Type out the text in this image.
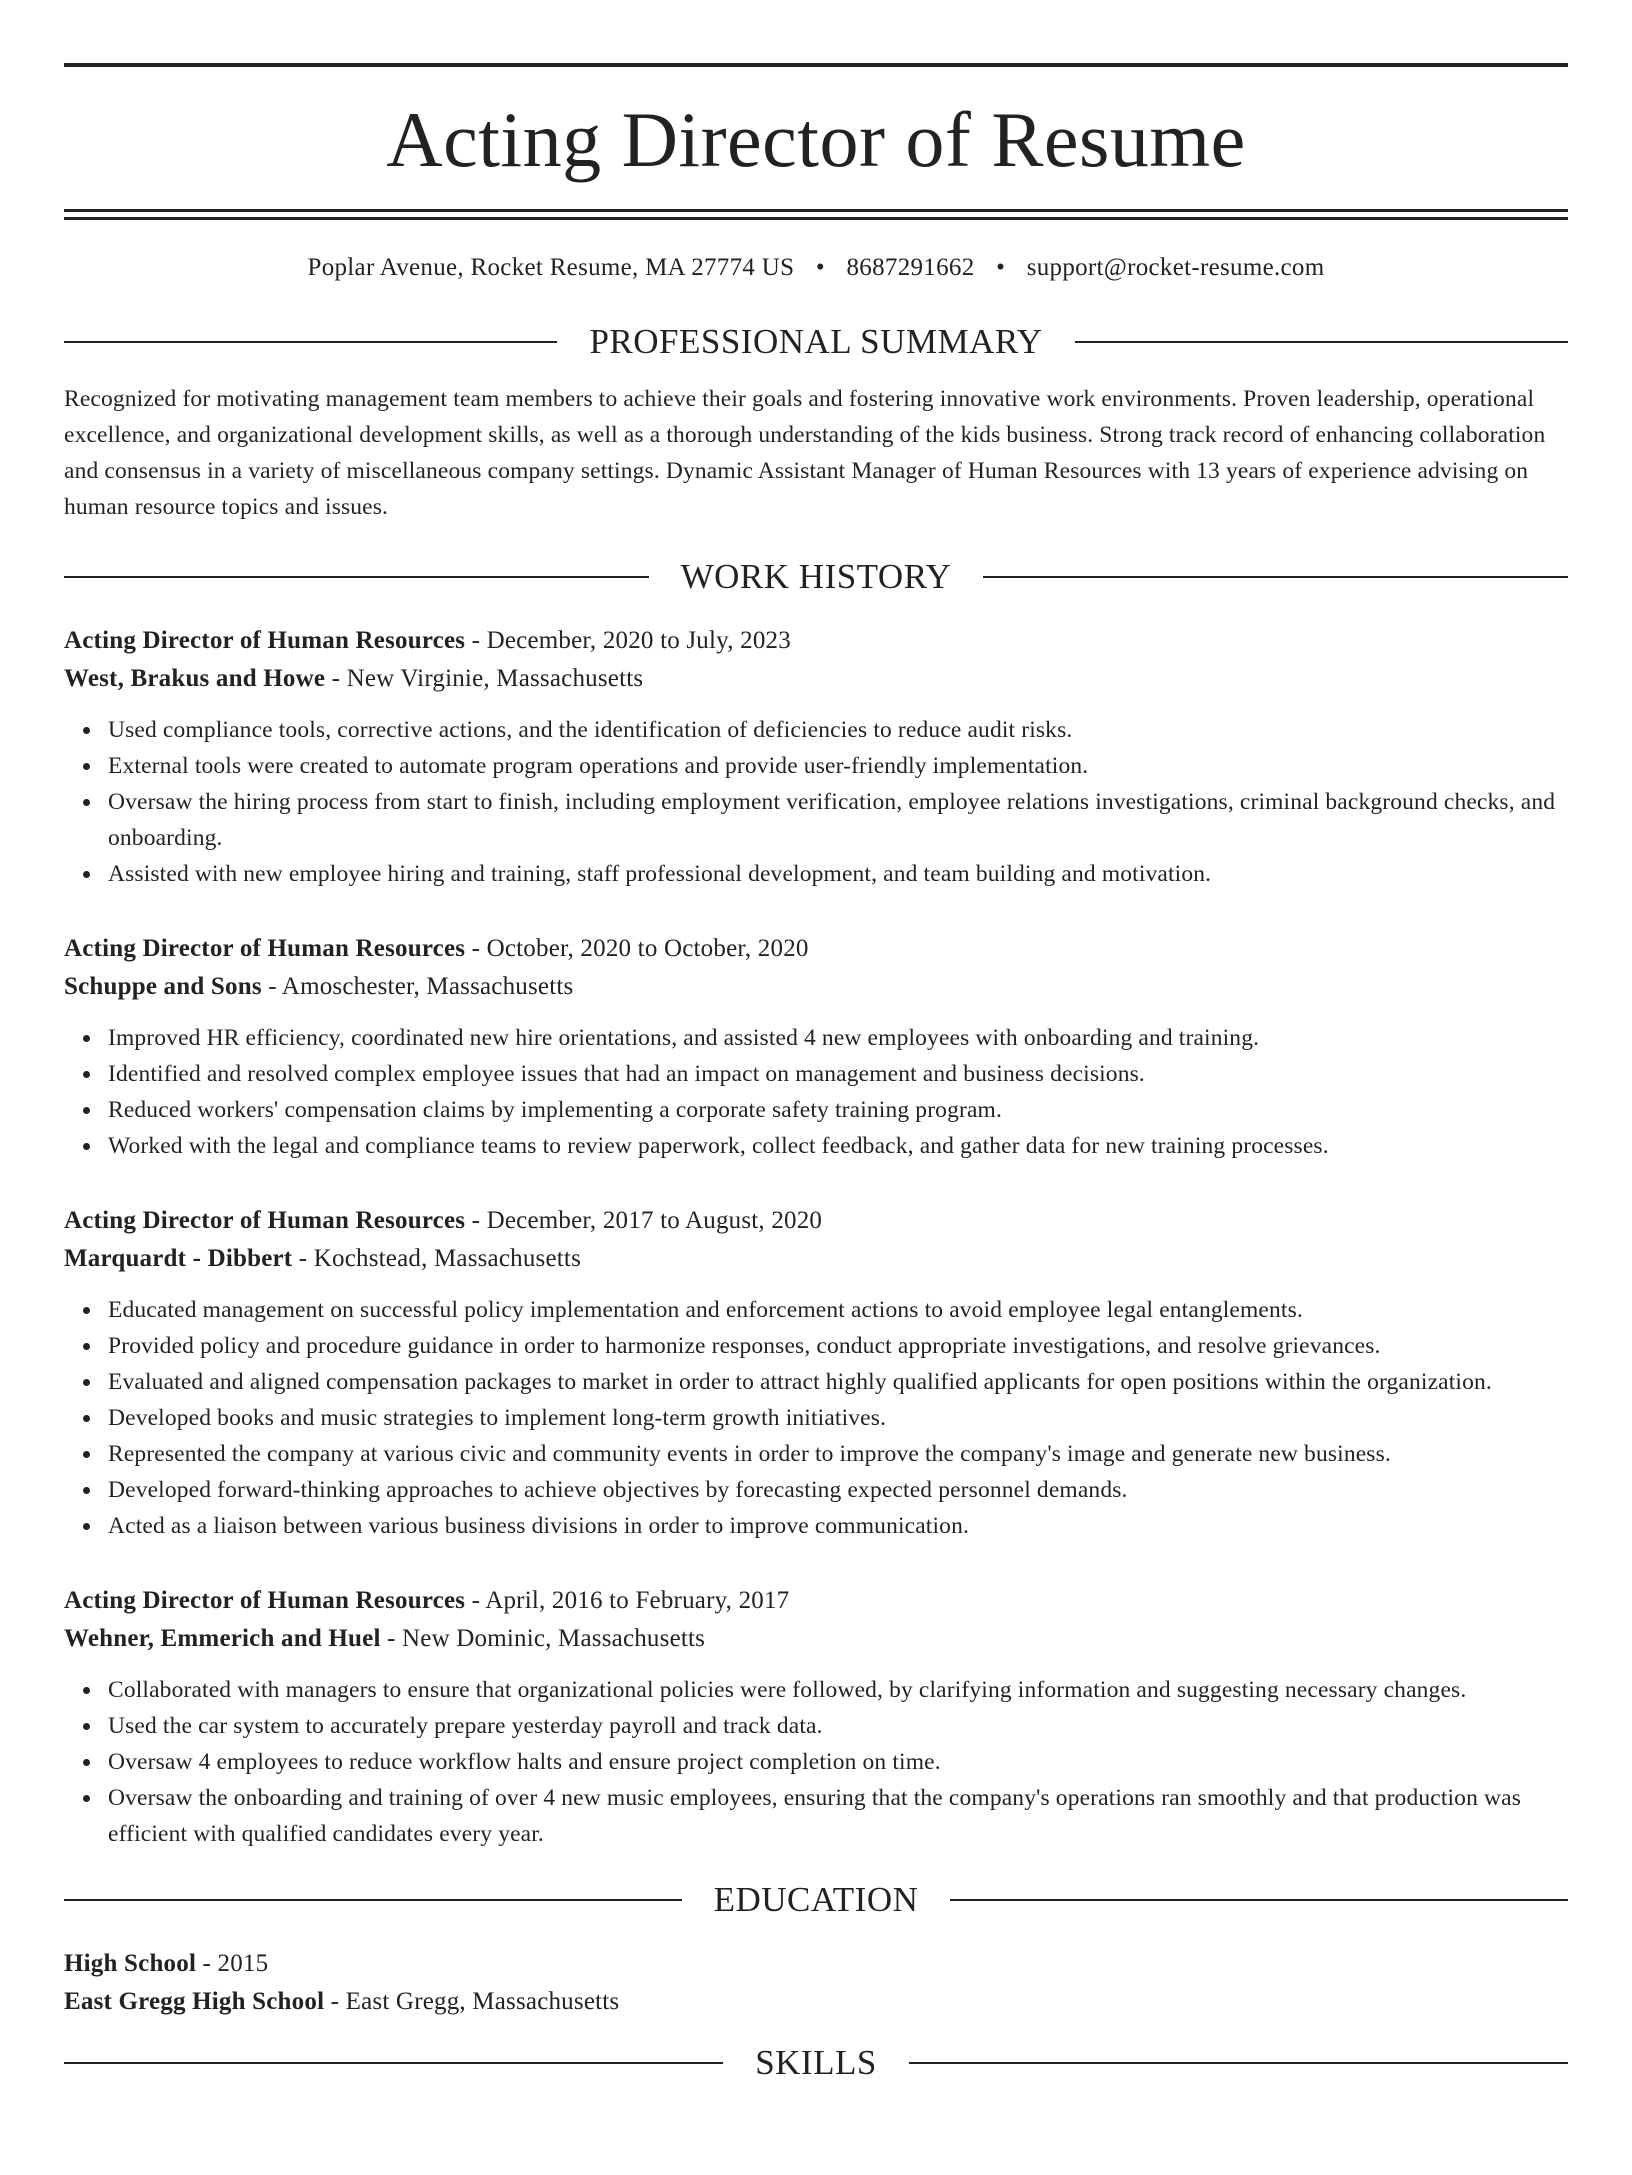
Acting Director of Resume
Poplar Avenue, Rocket Resume, MA 27774 US • 8687291662 • support@rocket-resume.com
PROFESSIONAL SUMMARY
Recognized for motivating management team members to achieve their goals and fostering innovative work environments. Proven leadership, operational excellence, and organizational development skills, as well as a thorough understanding of the kids business. Strong track record of enhancing collaboration and consensus in a variety of miscellaneous company settings. Dynamic Assistant Manager of Human Resources with 13 years of experience advising on human resource topics and issues.
WORK HISTORY
Acting Director of Human Resources - December, 2020 to July, 2023
West, Brakus and Howe - New Virginie, Massachusetts
Used compliance tools, corrective actions, and the identification of deficiencies to reduce audit risks.
External tools were created to automate program operations and provide user-friendly implementation.
Oversaw the hiring process from start to finish, including employment verification, employee relations investigations, criminal background checks, and onboarding.
Assisted with new employee hiring and training, staff professional development, and team building and motivation.
Acting Director of Human Resources - October, 2020 to October, 2020
Schuppe and Sons - Amoschester, Massachusetts
Improved HR efficiency, coordinated new hire orientations, and assisted 4 new employees with onboarding and training.
Identified and resolved complex employee issues that had an impact on management and business decisions.
Reduced workers' compensation claims by implementing a corporate safety training program.
Worked with the legal and compliance teams to review paperwork, collect feedback, and gather data for new training processes.
Acting Director of Human Resources - December, 2017 to August, 2020
Marquardt - Dibbert - Kochstead, Massachusetts
Educated management on successful policy implementation and enforcement actions to avoid employee legal entanglements.
Provided policy and procedure guidance in order to harmonize responses, conduct appropriate investigations, and resolve grievances.
Evaluated and aligned compensation packages to market in order to attract highly qualified applicants for open positions within the organization.
Developed books and music strategies to implement long-term growth initiatives.
Represented the company at various civic and community events in order to improve the company's image and generate new business.
Developed forward-thinking approaches to achieve objectives by forecasting expected personnel demands.
Acted as a liaison between various business divisions in order to improve communication.
Acting Director of Human Resources - April, 2016 to February, 2017
Wehner, Emmerich and Huel - New Dominic, Massachusetts
Collaborated with managers to ensure that organizational policies were followed, by clarifying information and suggesting necessary changes.
Used the car system to accurately prepare yesterday payroll and track data.
Oversaw 4 employees to reduce workflow halts and ensure project completion on time.
Oversaw the onboarding and training of over 4 new music employees, ensuring that the company's operations ran smoothly and that production was efficient with qualified candidates every year.
EDUCATION
High School - 2015
East Gregg High School - East Gregg, Massachusetts
SKILLS
